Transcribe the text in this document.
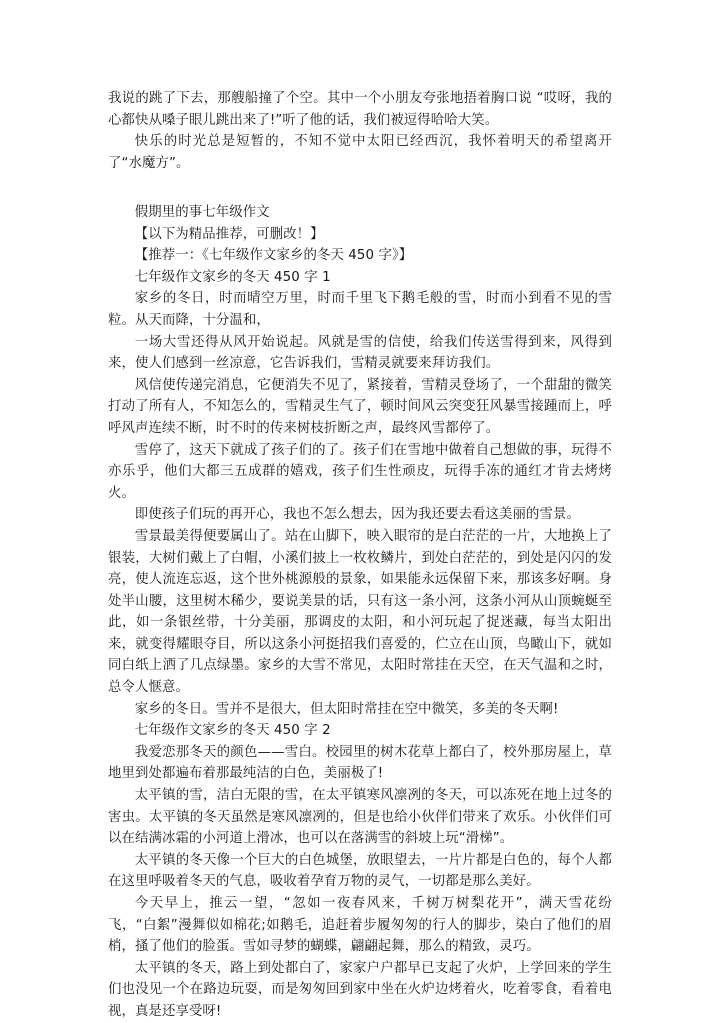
我说的跳了下去，那艘船撞了个空。其中一个小朋友夸张地捂着胸口说 “哎呀，我的心都快从嗓子眼儿跳出来了!”听了他的话，我们被逗得哈哈大笑。

快乐的时光总是短暂的，不知不觉中太阳已经西沉，我怀着明天的希望离开了“水魔方”。

假期里的事七年级作文

【以下为精品推荐，可删改！】

【推荐一：《七年级作文家乡的冬天 450 字》】

七年级作文家乡的冬天 450 字 1

家乡的冬日，时而晴空万里，时而千里飞下鹅毛般的雪，时而小到看不见的雪粒。从天而降，十分温和，

一场大雪还得从风开始说起。风就是雪的信使，给我们传送雪得到来，风得到来，使人们感到一丝凉意，它告诉我们，雪精灵就要来拜访我们。

风信使传递完消息，它便消失不见了，紧接着，雪精灵登场了，一个甜甜的微笑打动了所有人，不知怎么的，雪精灵生气了，顿时间风云突变狂风暴雪接踵而上，呼呼风声连续不断，时不时的传来树枝折断之声，最终风雪都停了。

雪停了，这天下就成了孩子们的了。孩子们在雪地中做着自己想做的事，玩得不亦乐乎，他们大都三五成群的嬉戏，孩子们生性顽皮，玩得手冻的通红才肯去烤烤火。

即使孩子们玩的再开心，我也不怎么想去，因为我还要去看这美丽的雪景。

雪景最美得便要属山了。站在山脚下，映入眼帘的是白茫茫的一片，大地换上了银装，大树们戴上了白帽，小溪们披上一枚枚鳞片，到处白茫茫的，到处是闪闪的发亮，使人流连忘返，这个世外桃源般的景象，如果能永远保留下来，那该多好啊。身处半山腰，这里树木稀少，要说美景的话，只有这一条小河，这条小河从山顶蜿蜒至此，如一条银丝带，十分美丽，那调皮的太阳，和小河玩起了捉迷藏，每当太阳出来，就变得耀眼夺目，所以这条小河挺招我们喜爱的，伫立在山顶，鸟瞰山下，就如同白纸上洒了几点绿墨。家乡的大雪不常见，太阳时常挂在天空，在天气温和之时，总令人惬意。

家乡的冬日。雪并不是很大，但太阳时常挂在空中微笑，多美的冬天啊!

七年级作文家乡的冬天 450 字 2

我爱恋那冬天的颜色——雪白。校园里的树木花草上都白了，校外那房屋上，草地里到处都遍布着那最纯洁的白色，美丽极了!

太平镇的雪，洁白无限的雪，在太平镇寒风凛冽的冬天，可以冻死在地上过冬的害虫。太平镇的冬天虽然是寒风凛冽的，但是也给小伙伴们带来了欢乐。小伙伴们可以在结满冰霜的小河道上滑冰，也可以在落满雪的斜坡上玩“滑梯”。

太平镇的冬天像一个巨大的白色城堡，放眼望去，一片片都是白色的，每个人都在这里呼吸着冬天的气息，吸收着孕育万物的灵气，一切都是那么美好。

今天早上，推云一望，“忽如一夜春风来，千树万树梨花开”，满天雪花纷飞，“白絮”漫舞似如棉花;如鹅毛，追赶着步履匆匆的行人的脚步，染白了他们的眉梢，搔了他们的脸蛋。雪如寻梦的蝴蝶，翩翩起舞，那么的精致，灵巧。

太平镇的冬天，路上到处都白了，家家户户都早已支起了火炉，上学回来的学生们也没见一个在路边玩耍，而是匆匆回到家中坐在火炉边烤着火，吃着零食，看着电视，真是还享受呀!
